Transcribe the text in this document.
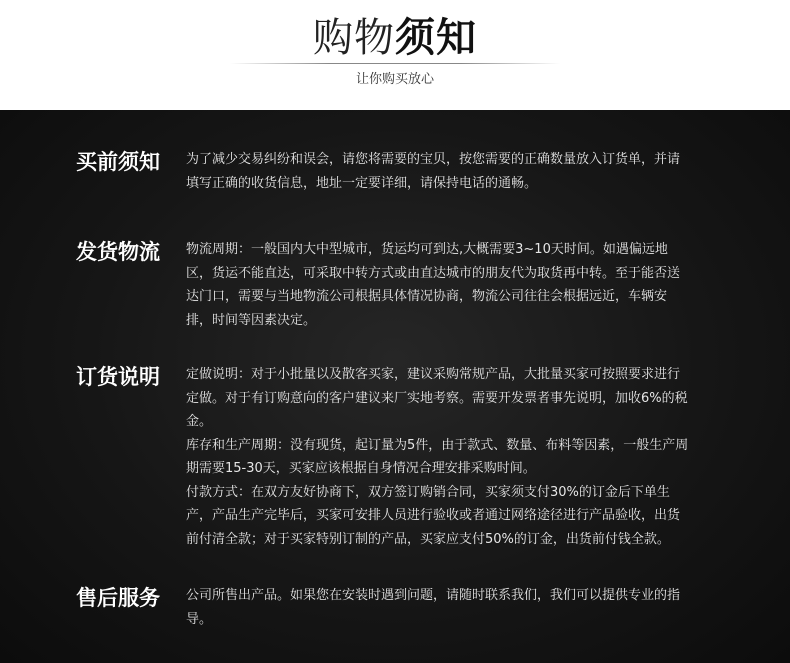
购物须知
让你购买放心
买前须知 为了减少交易纠纷和误会，请您将需要的宝贝，按您需要的正确数量放入订货单，并请填写正确的收货信息，地址一定要详细，请保持电话的通畅。

发货物流 物流周期：一般国内大中型城市，货运均可到达,大概需要3~10天时间。如遇偏远地区，货运不能直达，可采取中转方式或由直达城市的朋友代为取货再中转。至于能否送达门口，需要与当地物流公司根据具体情况协商，物流公司往往会根据远近，车辆安排，时间等因素决定。

订货说明 定做说明：对于小批量以及散客买家，建议采购常规产品，大批量买家可按照要求进行定做。对于有订购意向的客户建议来厂实地考察。需要开发票者事先说明，加收6%的税金。

库存和生产周期：没有现货，起订量为5件，由于款式、数量、布料等因素，一般生产周期需要15-30天，买家应该根据自身情况合理安排采购时间。

付款方式：在双方友好协商下，双方签订购销合同，买家须支付30%的订金后下单生产，产品生产完毕后，买家可安排人员进行验收或者通过网络途径进行产品验收，出货前付清全款；对于买家特别订制的产品，买家应支付50%的订金，出货前付钱全款。

售后服务 公司所售出产品。如果您在安装时遇到问题，请随时联系我们，我们可以提供专业的指导。
